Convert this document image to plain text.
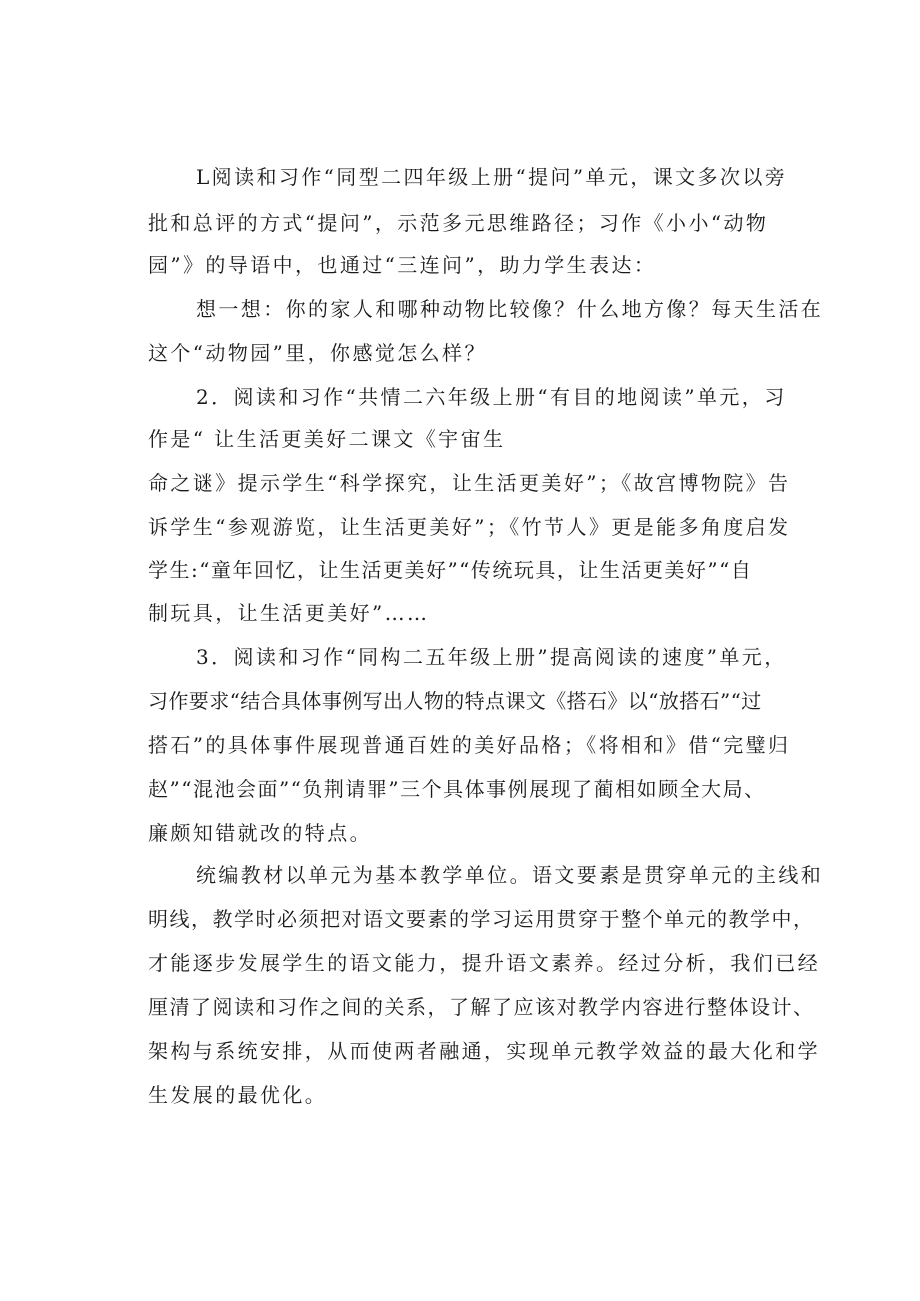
L阅读和习作“同型二四年级上册“提问”单元，课文多次以旁

批和总评的方式“提问”，示范多元思维路径；习作《小小“动物

园”》的导语中，也通过“三连问”，助力学生表达：

想一想：你的家人和哪种动物比较像？什么地方像？每天生活在

这个“动物园”里，你感觉怎么样？

2．阅读和习作“共情二六年级上册“有目的地阅读”单元，习

作是“ 让生活更美好二课文《宇宙生

命之谜》提示学生“科学探究，让生活更美好”；《故宫博物院》告

诉学生“参观游览，让生活更美好”；《竹节人》更是能多角度启发

学生:“童年回忆，让生活更美好”“传统玩具，让生活更美好”“自

制玩具，让生活更美好”……

3．阅读和习作“同构二五年级上册”提高阅读的速度”单元，

习作要求“结合具体事例写出人物的特点课文《搭石》以“放搭石”“过

搭石”的具体事件展现普通百姓的美好品格；《将相和》借“完璧归

赵”“混池会面”“负荆请罪”三个具体事例展现了蔺相如顾全大局、

廉颇知错就改的特点。

统编教材以单元为基本教学单位。语文要素是贯穿单元的主线和

明线，教学时必须把对语文要素的学习运用贯穿于整个单元的教学中，

才能逐步发展学生的语文能力，提升语文素养。经过分析，我们已经

厘清了阅读和习作之间的关系，了解了应该对教学内容进行整体设计、

架构与系统安排，从而使两者融通，实现单元教学效益的最大化和学

生发展的最优化。
